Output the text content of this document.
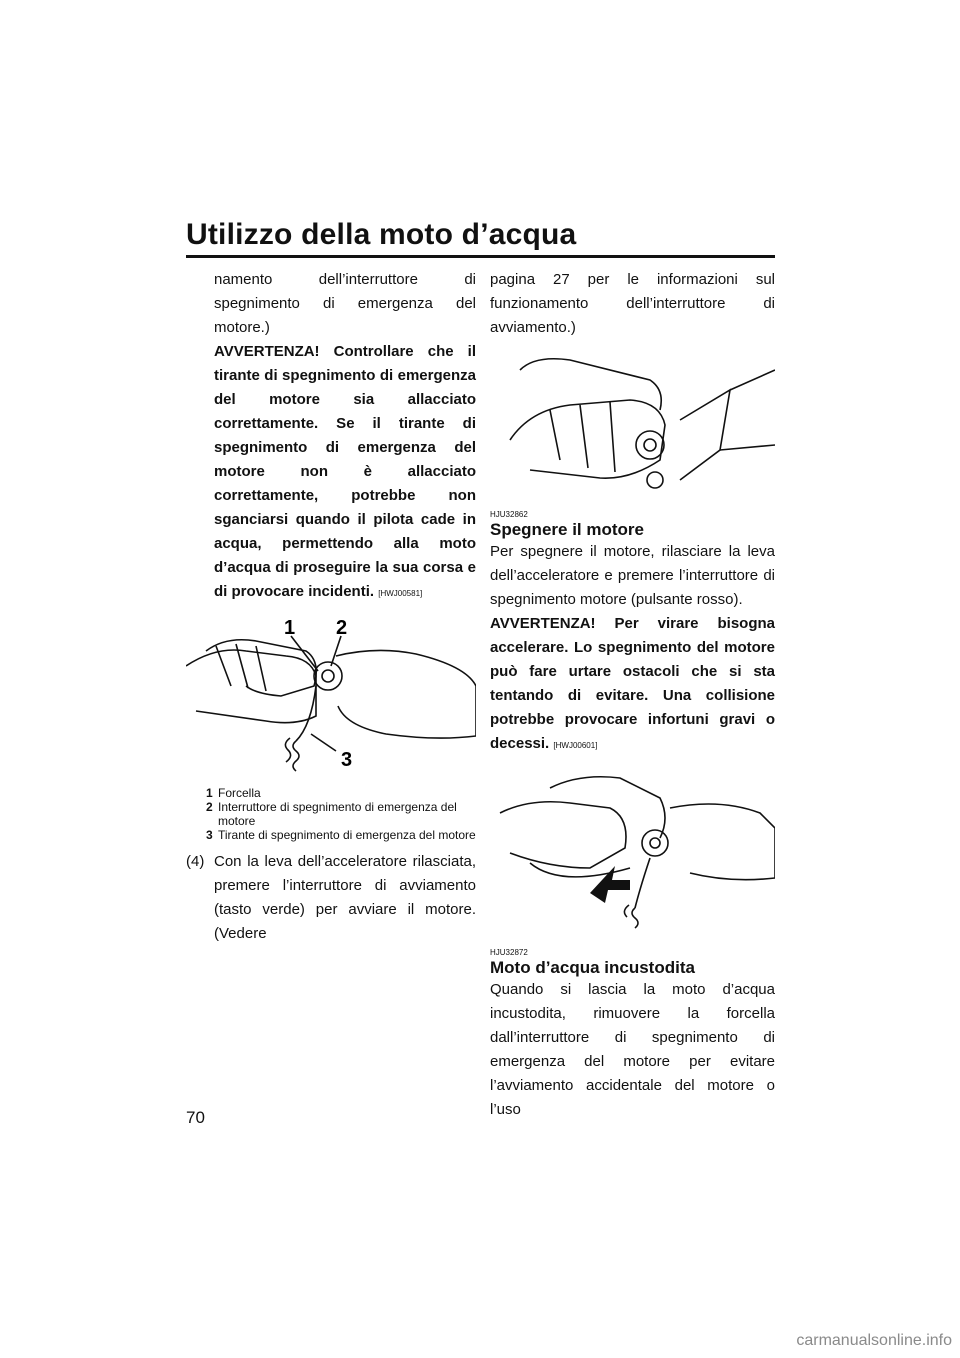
Utilizzo della moto d’acqua

namento dell’interruttore di spegnimento di emergenza del motore.)

AVVERTENZA! Controllare che il tirante di spegnimento di emergenza del motore sia allacciato correttamente. Se il tirante di spegnimento di emergenza del motore non è allacciato correttamente, potrebbe non sganciarsi quando il pilota cade in acqua, permettendo alla moto d’acqua di proseguire la sua corsa e di provocare incidenti. [HWJ00581]

1 2
3
1 Forcella
2 Interruttore di spegnimento di emergenza del motore
3 Tirante di spegnimento di emergenza del motore
(4) Con la leva dell’acceleratore rilasciata, premere l’interruttore di avviamento (tasto verde) per avviare il motore. (Vedere

pagina 27 per le informazioni sul funzionamento dell’interruttore di avviamento.)

HJU32862
Spegnere il motore

Per spegnere il motore, rilasciare la leva dell’acceleratore e premere l’interruttore di spegnimento motore (pulsante rosso).

AVVERTENZA! Per virare bisogna accelerare. Lo spegnimento del motore può fare urtare ostacoli che si sta tentando di evitare. Una collisione potrebbe provocare infortuni gravi o decessi. [HWJ00601]

HJU32872
Moto d’acqua incustodita

Quando si lascia la moto d’acqua incustodita, rimuovere la forcella dall’interruttore di spegnimento di emergenza del motore per evitare l’avviamento accidentale del motore o l’uso

70
carmanualsonline.info
